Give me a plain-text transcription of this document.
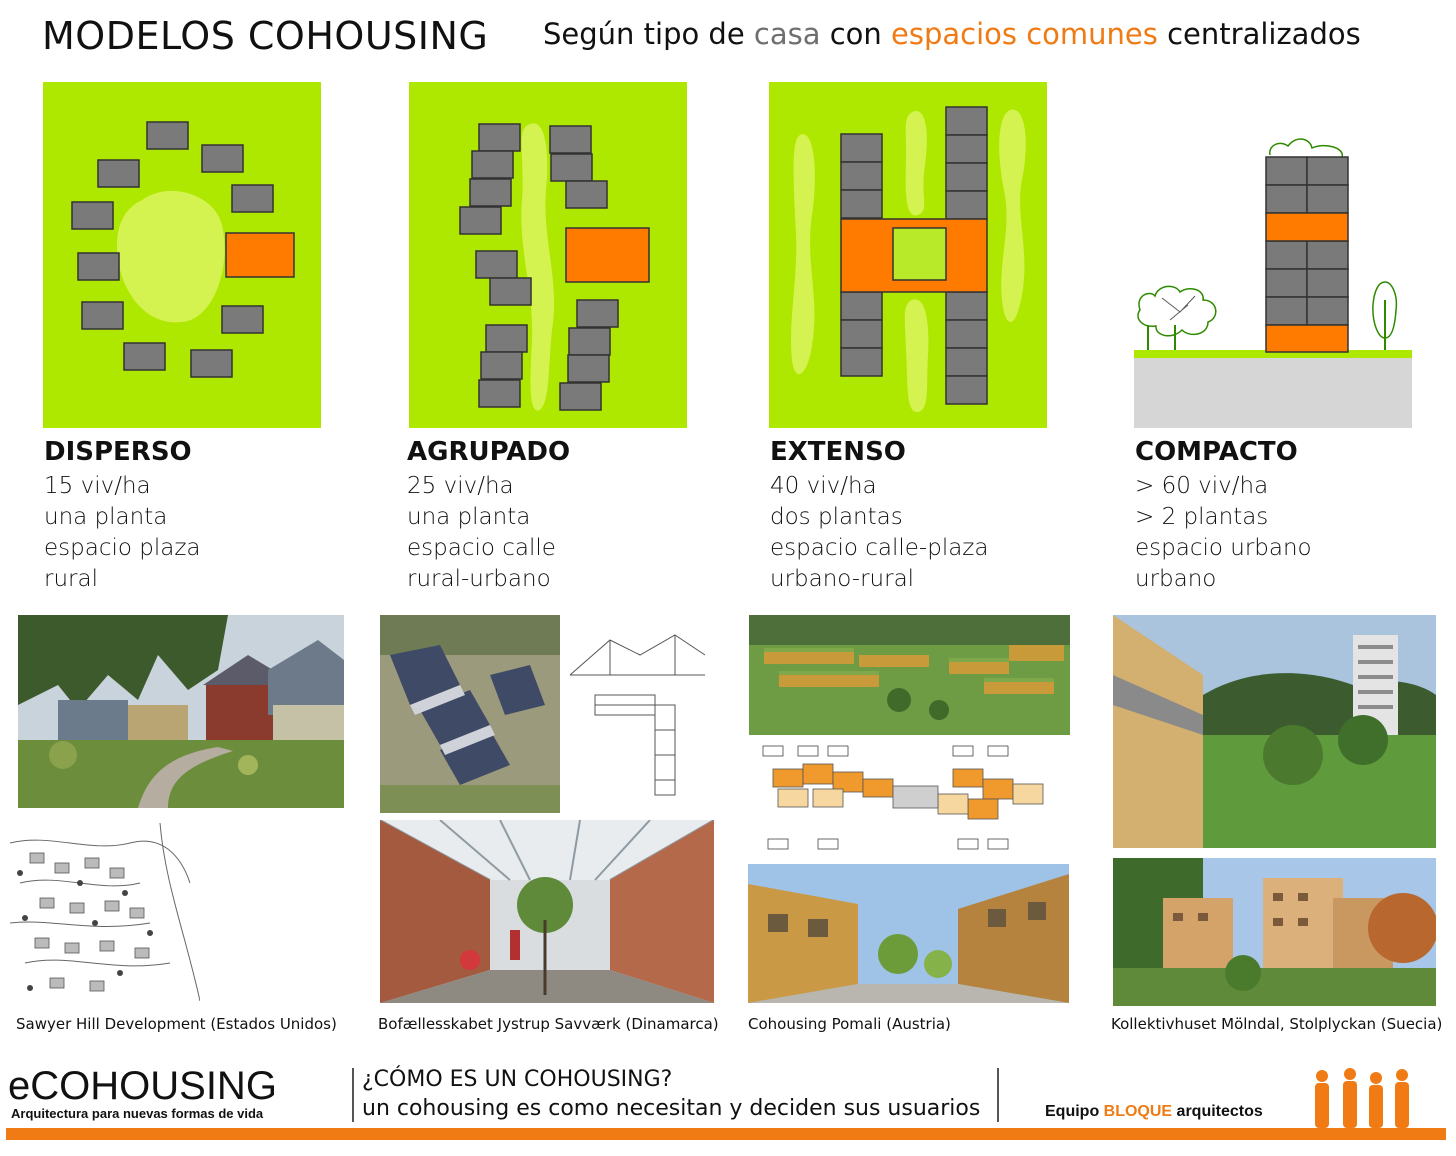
MODELOS COHOUSING Según tipo de casa con espacios comunes centralizados
DISPERSO
15 viv/ha
una planta
espacio plaza
rural
AGRUPADO
25 viv/ha
una planta
espacio calle
rural-urbano
EXTENSO
40 viv/ha
dos plantas
espacio calle-plaza
urbano-rural
COMPACTO
> 60 viv/ha
> 2 plantas
espacio urbano
urbano
Sawyer Hill Development (Estados Unidos)	Bofællesskabet Jystrup Savværk (Dinamarca) Cohousing Pomali (Austria)	Kollektivhuset Mölndal, Stolplyckan (Suecia)
eCOHOUSING
Arquitectura para nuevas formas de vida
¿CÓMO ES UN COHOUSING?
un cohousing es como necesitan y deciden sus usuarios	Equipo BLOQUE arquitectos
